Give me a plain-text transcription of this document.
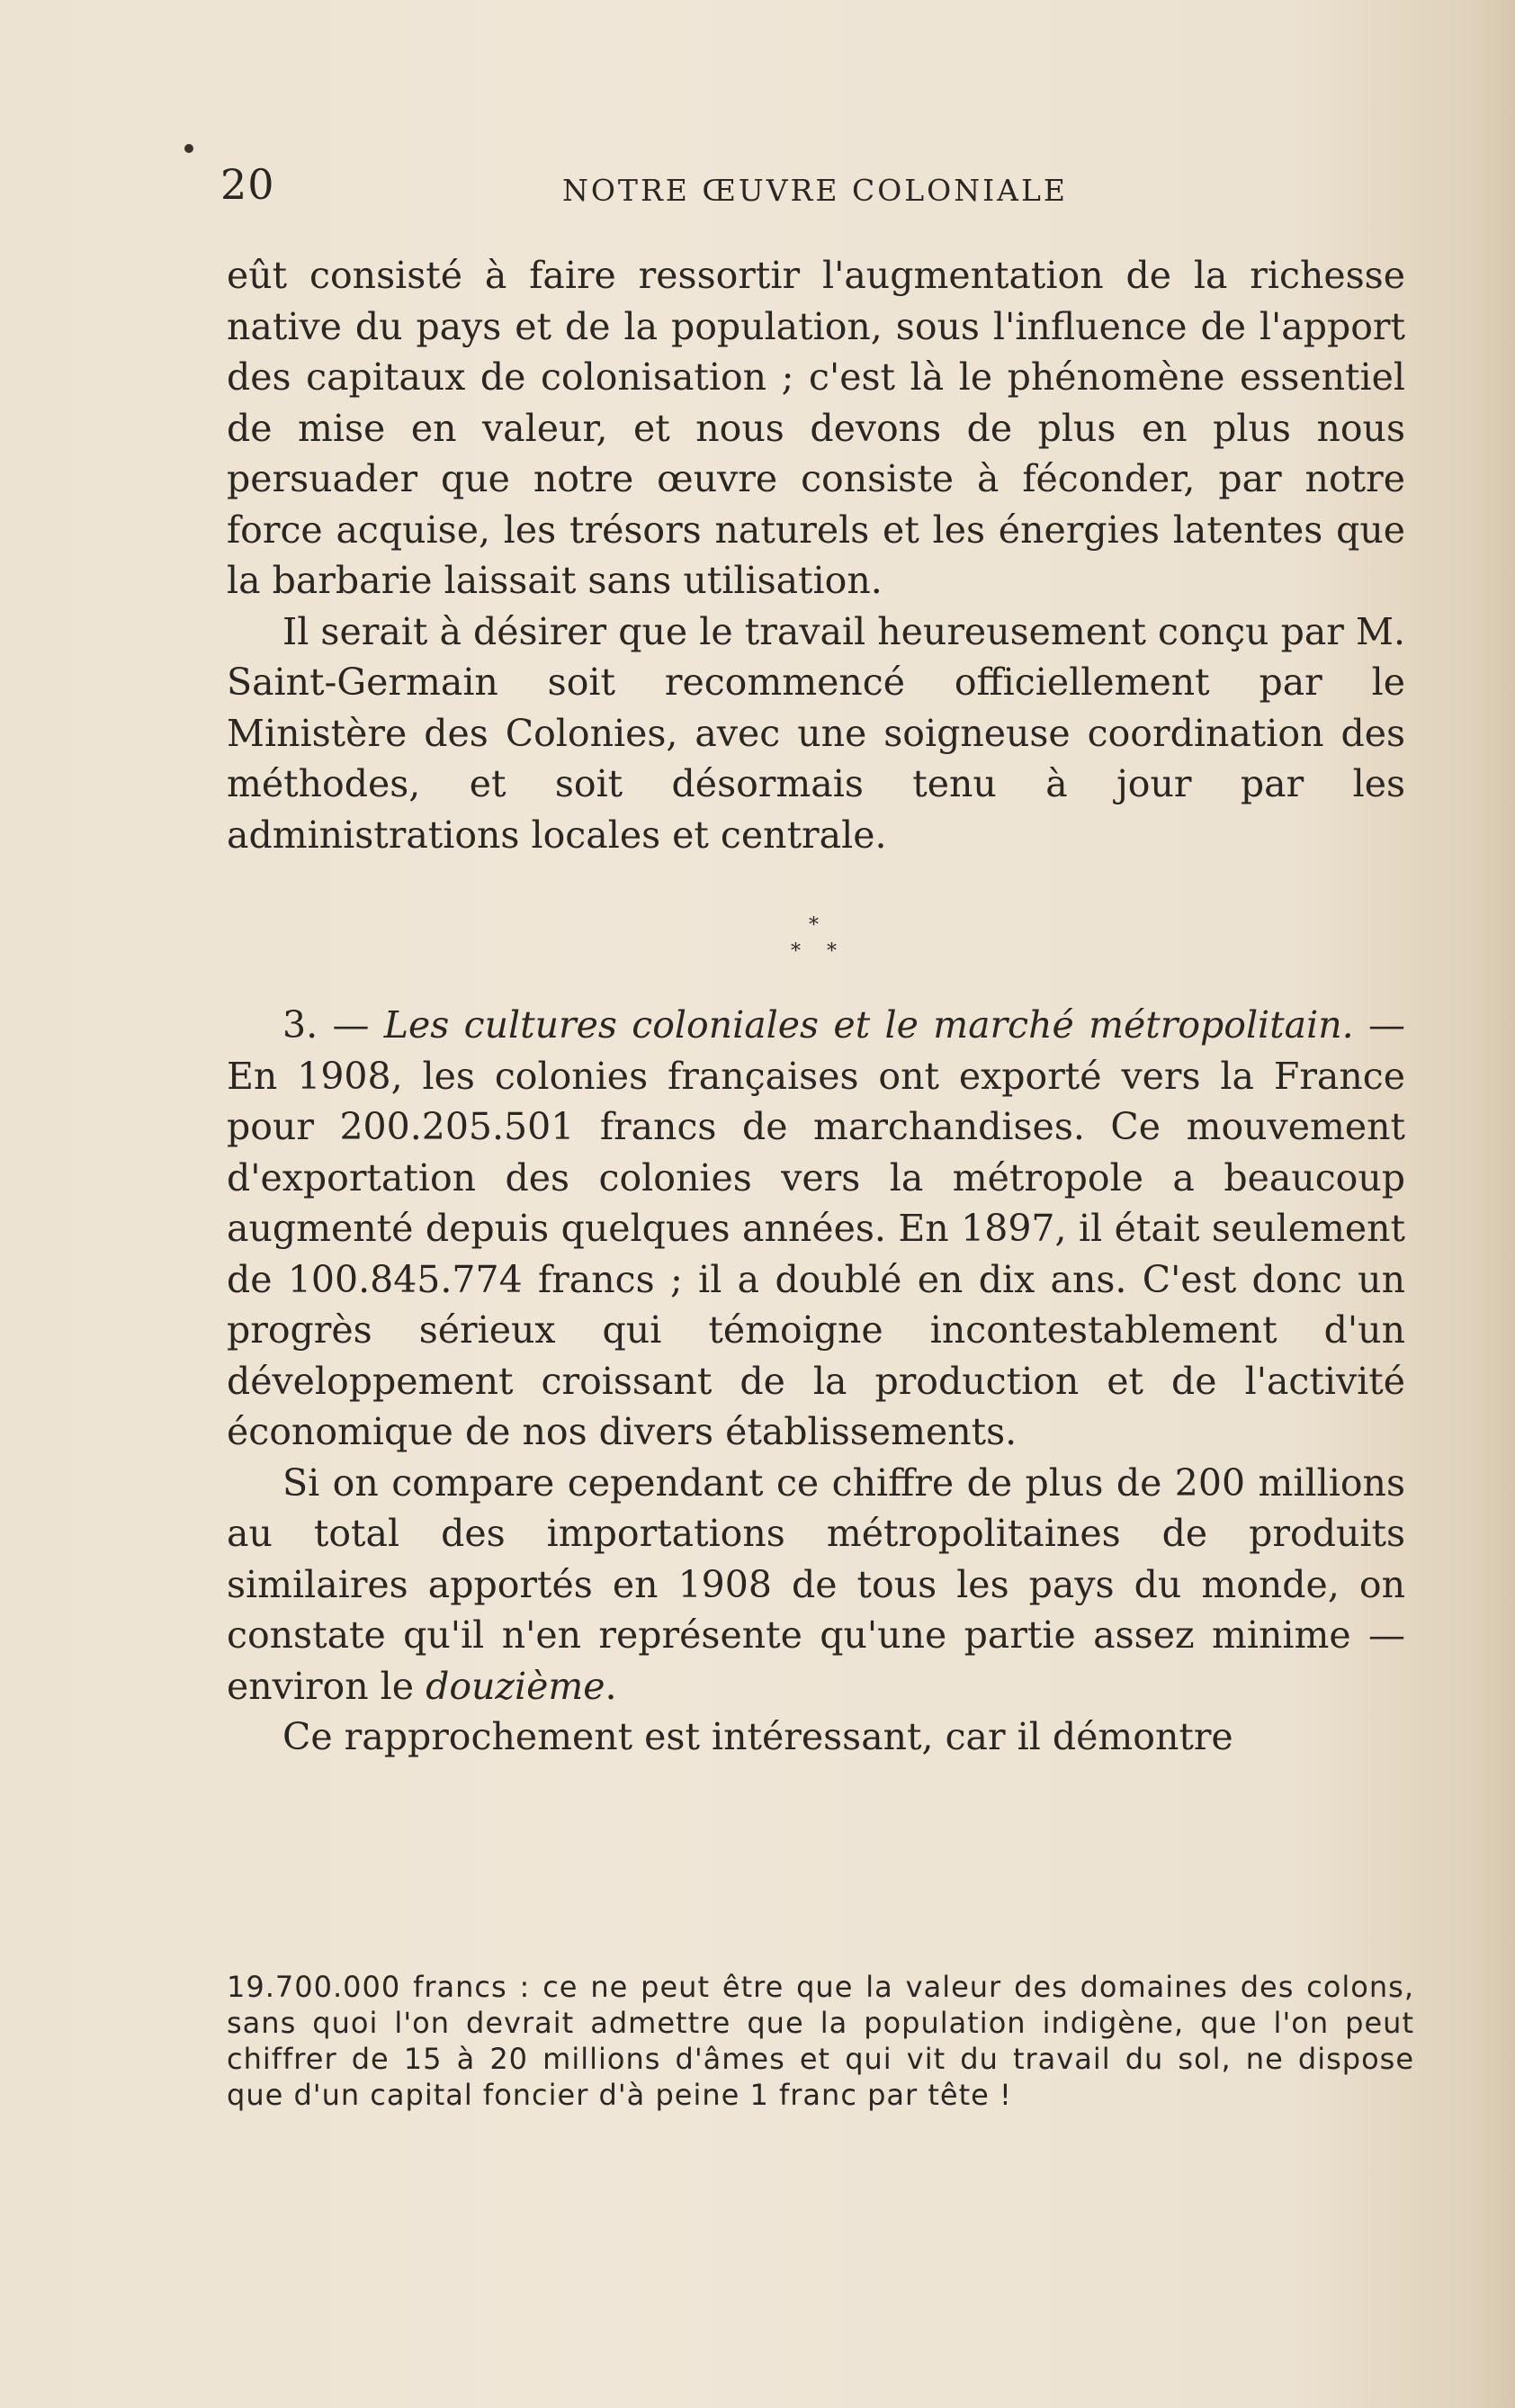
20	NOTRE ŒUVRE COLONIALE

eût consisté à faire ressortir l'augmentation de la richesse native du pays et de la population, sous l'influence de l'apport des capitaux de colonisation ; c'est là le phénomène essentiel de mise en valeur, et nous devons de plus en plus nous persuader que notre œuvre consiste à féconder, par notre force acquise, les trésors naturels et les énergies latentes que la barbarie laissait sans utilisation.

Il serait à désirer que le travail heureusement conçu par M. Saint-Germain soit recommencé officiellement par le Ministère des Colonies, avec une soigneuse coordination des méthodes, et soit désormais tenu à jour par les administrations locales et centrale.

*
* *

3. — Les cultures coloniales et le marché métropolitain. — En 1908, les colonies françaises ont exporté vers la France pour 200.205.501 francs de marchandises. Ce mouvement d'exportation des colonies vers la métropole a beaucoup augmenté depuis quelques années. En 1897, il était seulement de 100.845.774 francs ; il a doublé en dix ans. C'est donc un progrès sérieux qui témoigne incontestablement d'un développement croissant de la production et de l'activité économique de nos divers établissements.

Si on compare cependant ce chiffre de plus de 200 millions au total des importations métropolitaines de produits similaires apportés en 1908 de tous les pays du monde, on constate qu'il n'en représente qu'une partie assez minime — environ le douzième.

Ce rapprochement est intéressant, car il démontre

19.700.000 francs : ce ne peut être que la valeur des domaines des colons, sans quoi l'on devrait admettre que la population indigène, que l'on peut chiffrer de 15 à 20 millions d'âmes et qui vit du travail du sol, ne dispose que d'un capital foncier d'à peine 1 franc par tête !
